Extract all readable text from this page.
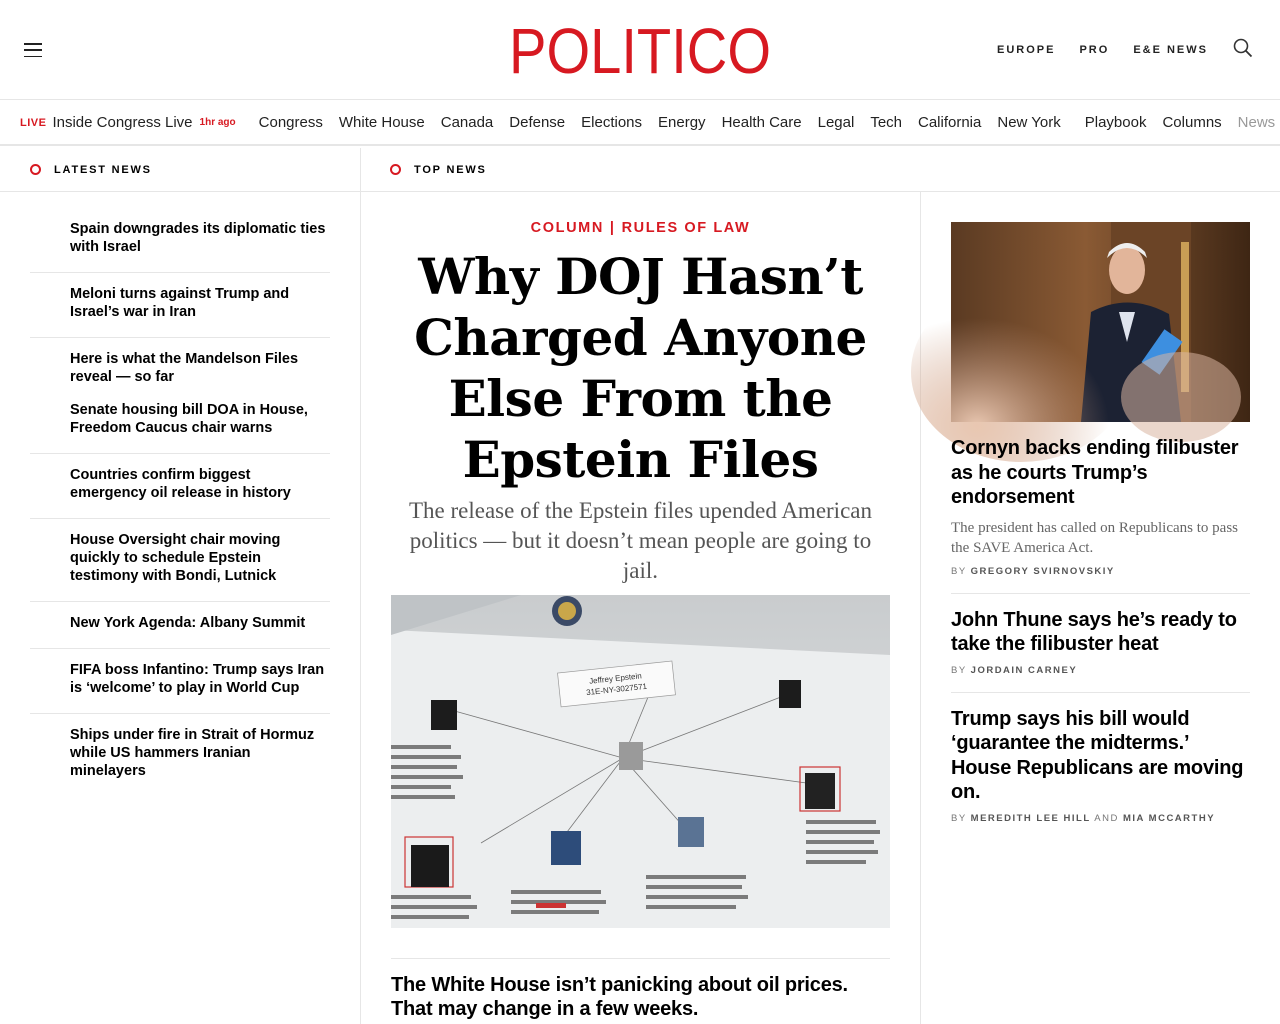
POLITICO	EUROPE PRO E&E NEWS
LIVE Inside Congress Live 1hr ago Congress White House Canada Defense Elections Energy Health Care Legal Tech California New York Playbook Columns News
LATEST NEWS	TOP NEWS
Spain downgrades its diplomatic ties with Israel
Meloni turns against Trump and Israel’s war in Iran
Here is what the Mandelson Files reveal — so far
Senate housing bill DOA in House, Freedom Caucus chair warns
Countries confirm biggest emergency oil release in history
House Oversight chair moving quickly to schedule Epstein testimony with Bondi, Lutnick
New York Agenda: Albany Summit
FIFA boss Infantino: Trump says Iran is ‘welcome’ to play in World Cup
Ships under fire in Strait of Hormuz while US hammers Iranian minelayers
COLUMN | RULES OF LAW
Why DOJ Hasn’t Charged Anyone Else From the Epstein Files

The release of the Epstein files upended American politics — but it doesn’t mean people are going to jail.

Jeffrey Epstein
31E-NY-3027571
The White House isn’t panicking about oil prices. That may change in a few weeks.
Cornyn backs ending filibuster as he courts Trump’s endorsement
The president has called on Republicans to pass the SAVE America Act.
BY GREGORY SVIRNOVSKIY
John Thune says he’s ready to take the filibuster heat
BY JORDAIN CARNEY
Trump says his bill would ‘guarantee the midterms.’ House Republicans are moving on.
BY MEREDITH LEE HILL AND MIA MCCARTHY
